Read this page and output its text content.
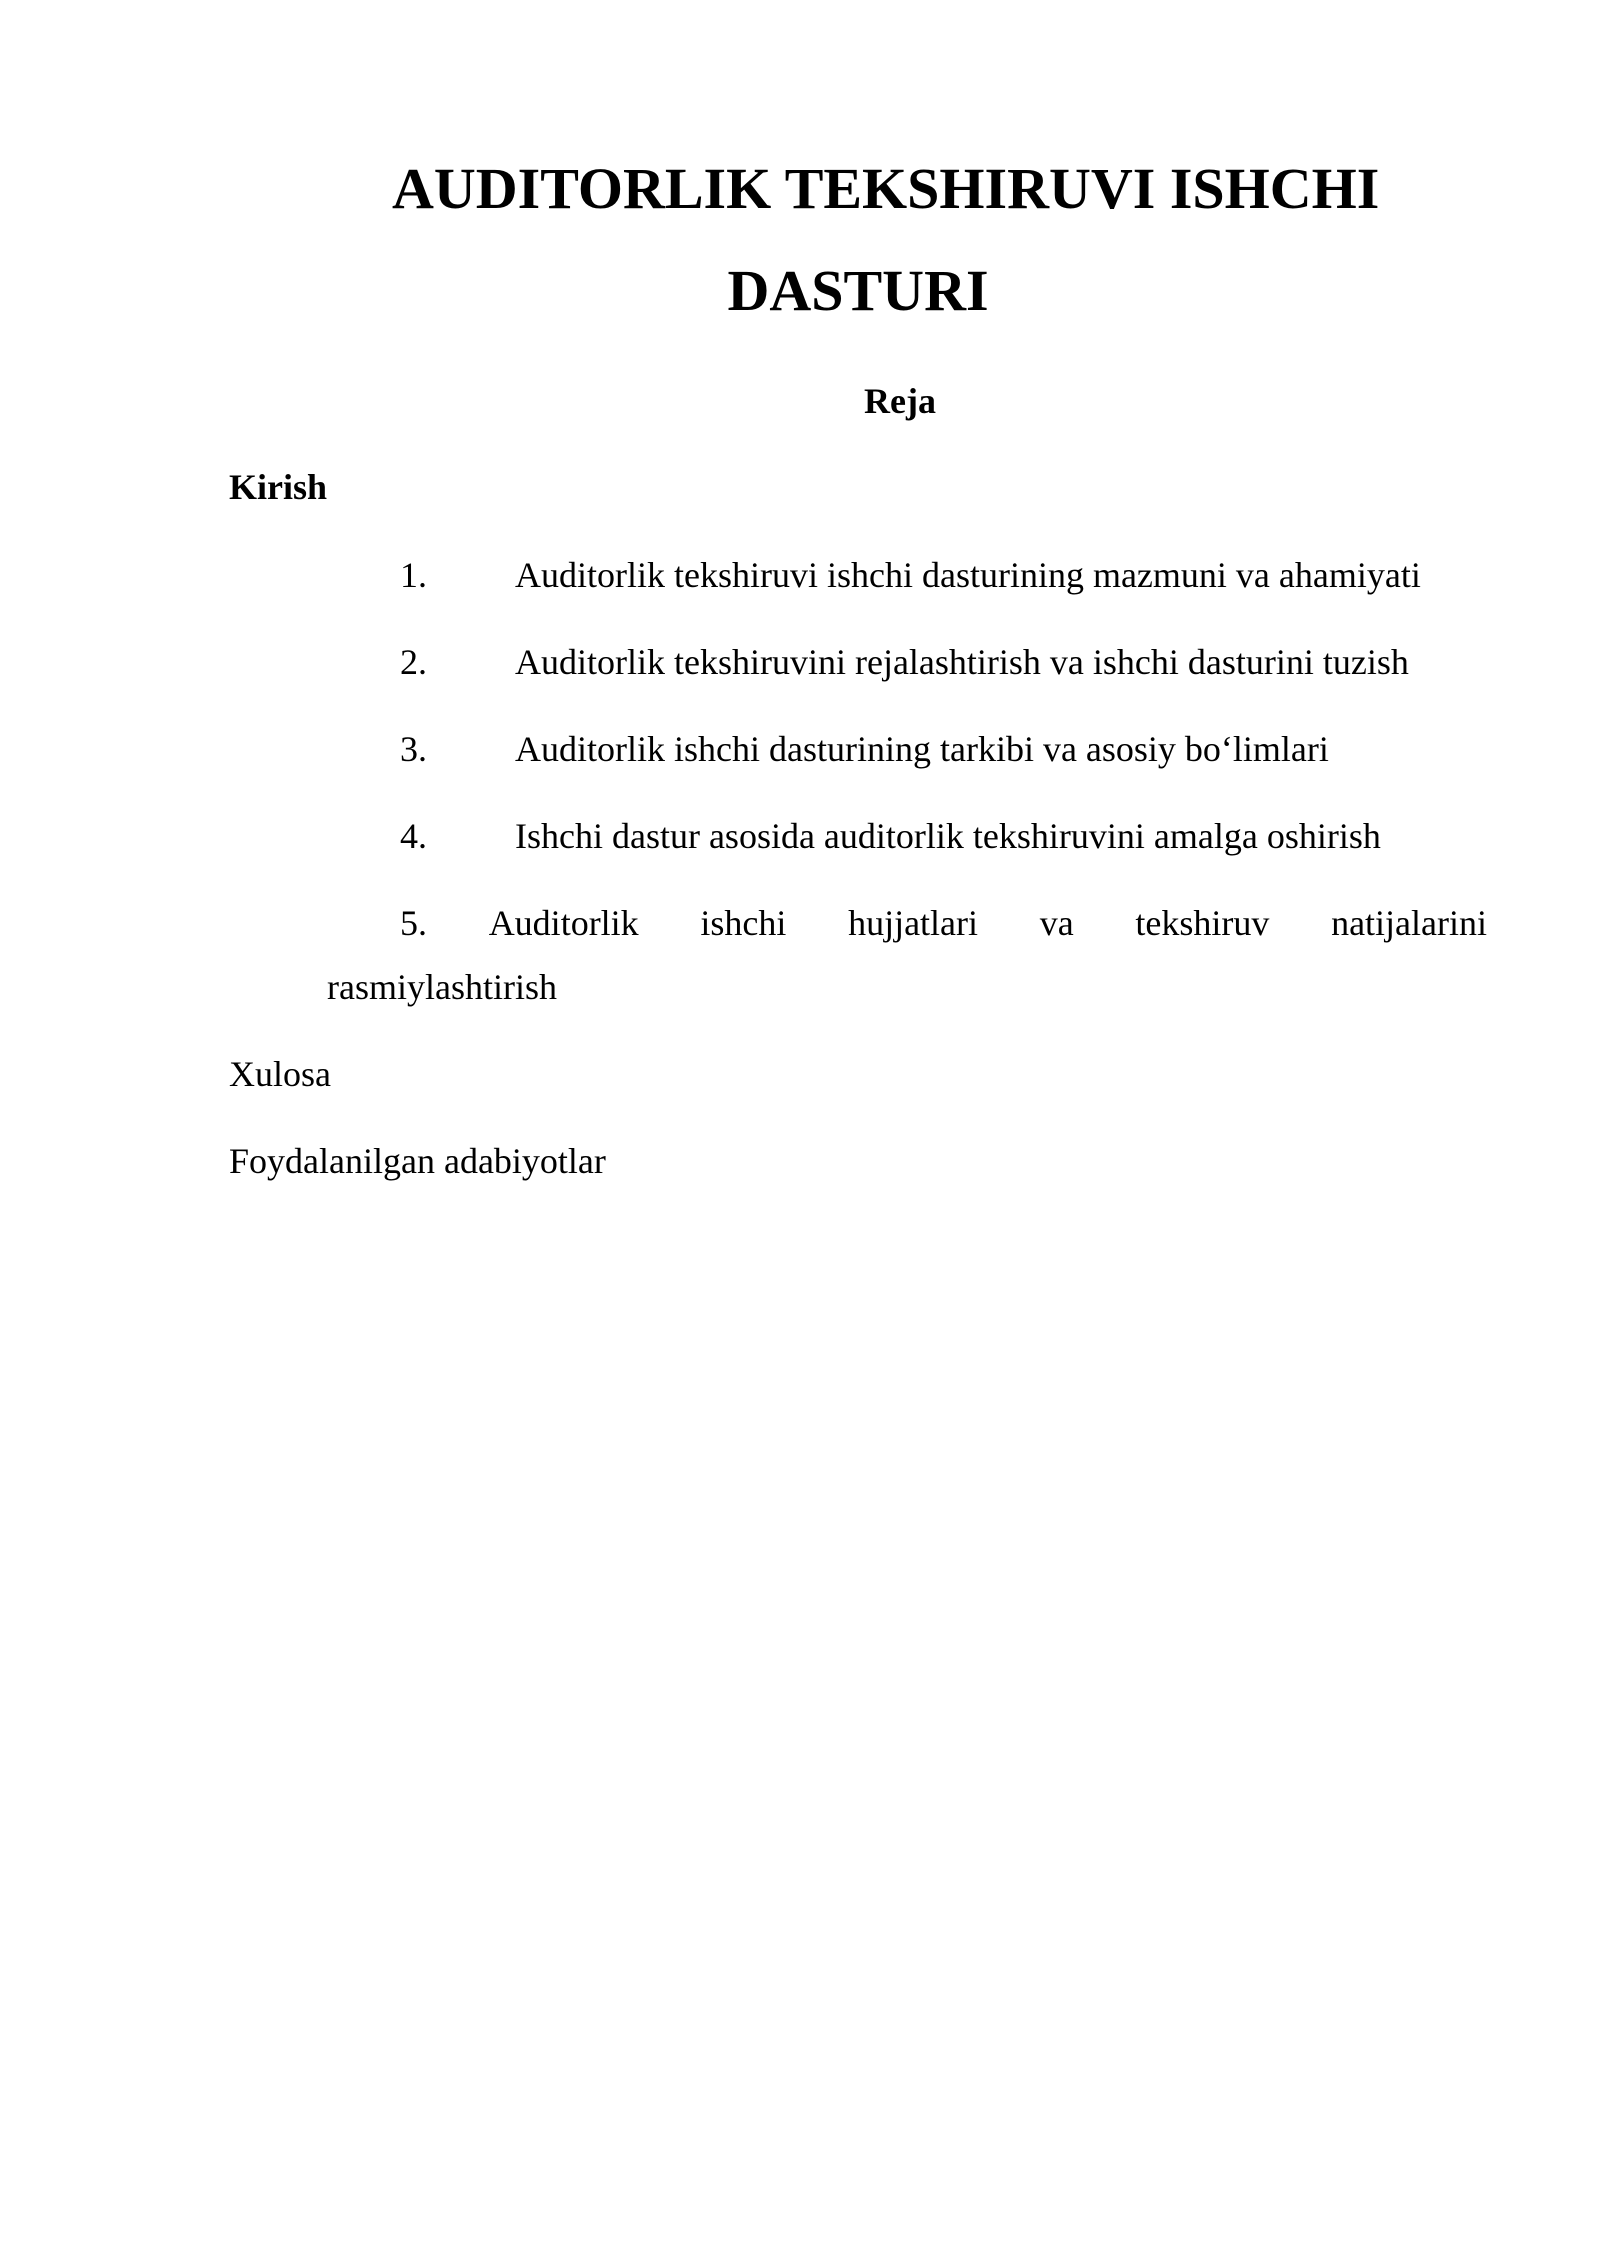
AUDITORLIK TEKSHIRUVI ISHCHI
DASTURI
Reja
Kirish
1. Auditorlik tekshiruvi ishchi dasturining mazmuni va ahamiyati
2. Auditorlik tekshiruvini rejalashtirish va ishchi dasturini tuzish
3. Auditorlik ishchi dasturining tarkibi va asosiy bo‘limlari
4. Ishchi dastur asosida auditorlik tekshiruvini amalga oshirish
5. Auditorlik ishchi hujjatlari va tekshiruv natijalarini
rasmiylashtirish
Xulosa
Foydalanilgan adabiyotlar
